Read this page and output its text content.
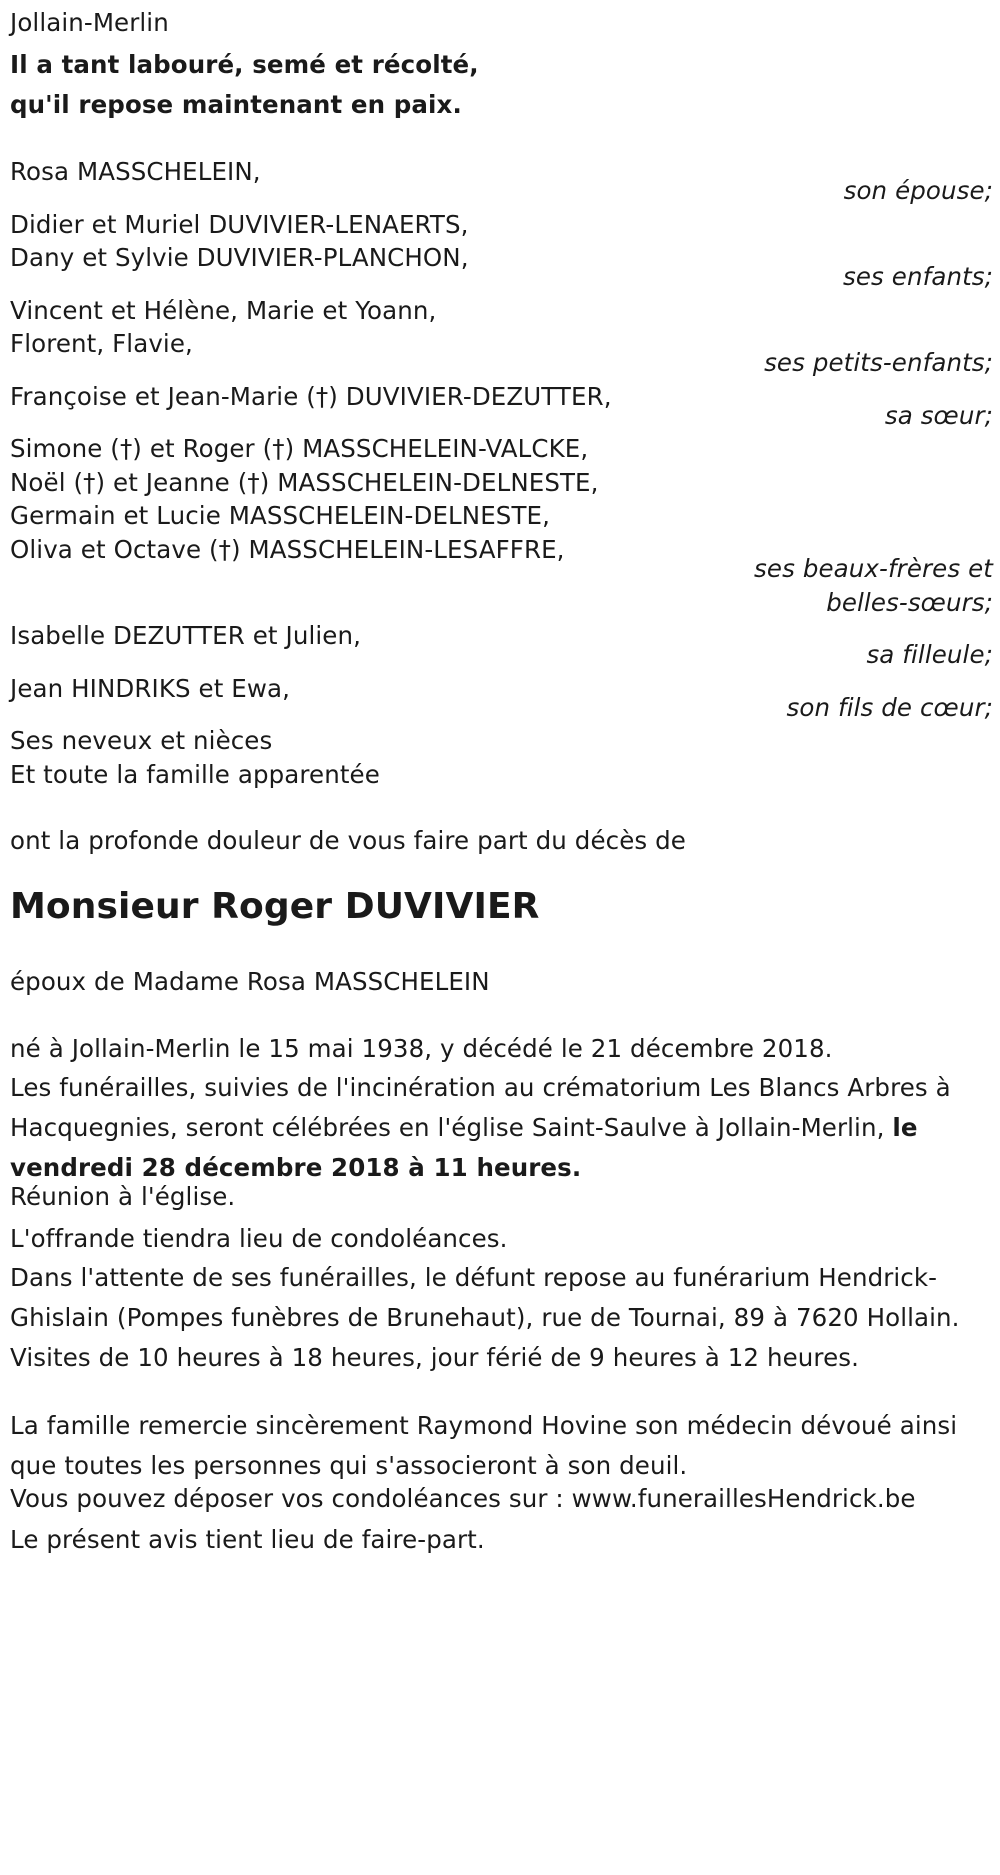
Jollain-Merlin

Il a tant labouré, semé et récolté,

qu'il repose maintenant en paix.

Rosa MASSCHELEIN,

son épouse;

Didier et Muriel DUVIVIER-LENAERTS,

Dany et Sylvie DUVIVIER-PLANCHON,

ses enfants;

Vincent et Hélène, Marie et Yoann,

Florent, Flavie,

ses petits-enfants;

Françoise et Jean-Marie (†) DUVIVIER-DEZUTTER,

sa sœur;

Simone (†) et Roger (†) MASSCHELEIN-VALCKE,

Noël (†) et Jeanne (†) MASSCHELEIN-DELNESTE,

Germain et Lucie MASSCHELEIN-DELNESTE,

Oliva et Octave (†) MASSCHELEIN-LESAFFRE,

ses beaux-frères et

belles-sœurs;

Isabelle DEZUTTER et Julien,

sa filleule;

Jean HINDRIKS et Ewa,

son fils de cœur;

Ses neveux et nièces

Et toute la famille apparentée

ont la profonde douleur de vous faire part du décès de

Monsieur Roger DUVIVIER

époux de Madame Rosa MASSCHELEIN

né à Jollain-Merlin le 15 mai 1938, y décédé le 21 décembre 2018.

Les funérailles, suivies de l'incinération au crématorium Les Blancs Arbres à Hacquegnies, seront célébrées en l'église Saint-Saulve à Jollain-Merlin, le vendredi 28 décembre 2018 à 11 heures.

Réunion à l'église.

L'offrande tiendra lieu de condoléances.

Dans l'attente de ses funérailles, le défunt repose au funérarium Hendrick-Ghislain (Pompes funèbres de Brunehaut), rue de Tournai, 89 à 7620 Hollain. Visites de 10 heures à 18 heures, jour férié de 9 heures à 12 heures.

La famille remercie sincèrement Raymond Hovine son médecin dévoué ainsi que toutes les personnes qui s'associeront à son deuil.

Vous pouvez déposer vos condoléances sur : www.funeraillesHendrick.be

Le présent avis tient lieu de faire-part.
